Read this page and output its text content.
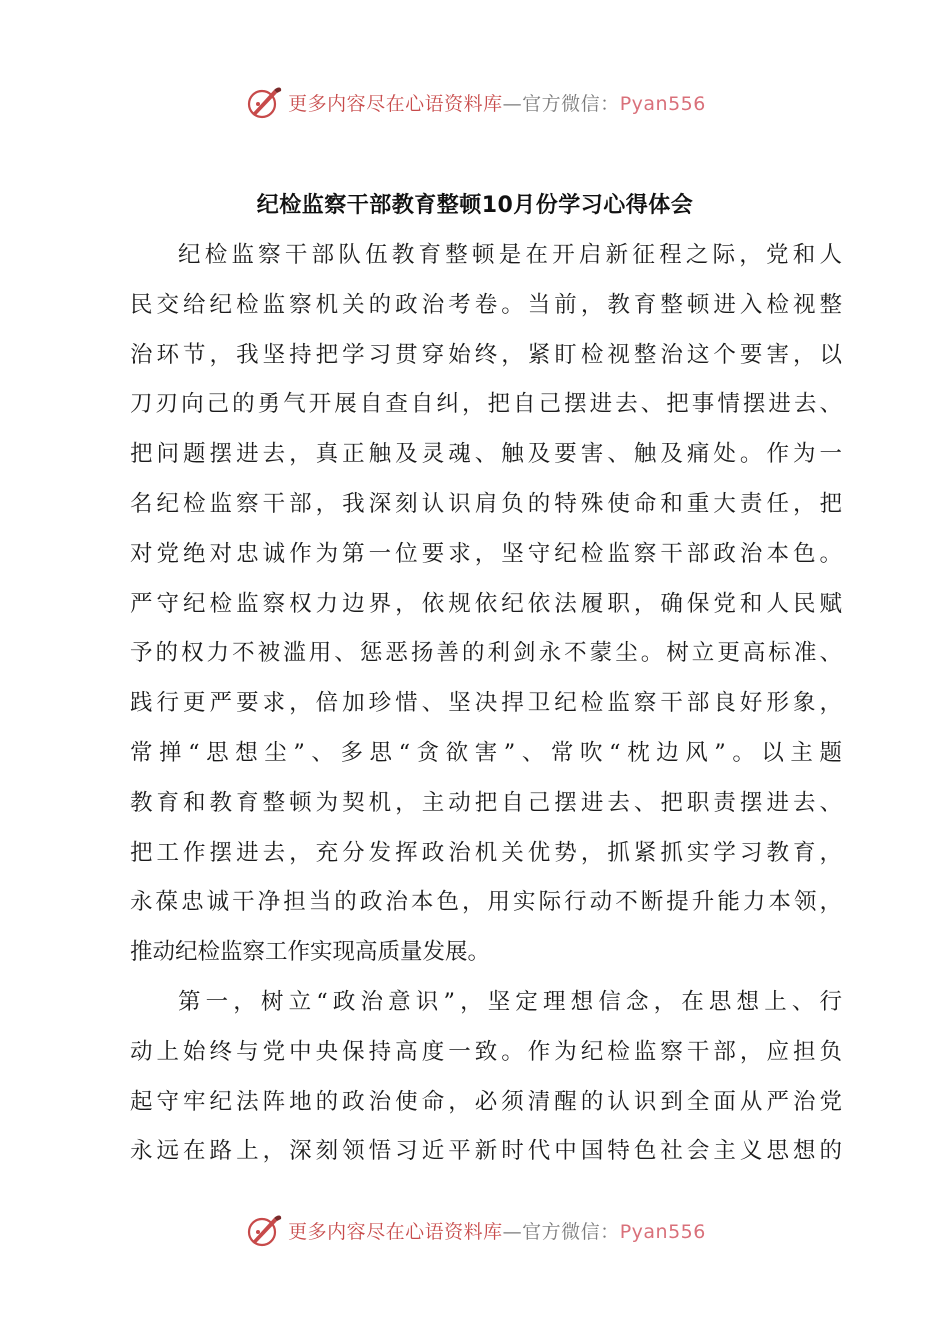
更多内容尽在心语资料库—官方微信：Pyan556
纪检监察干部教育整顿10月份学习心得体会
纪检监察干部队伍教育整顿是在开启新征程之际，党和人
民交给纪检监察机关的政治考卷。当前，教育整顿进入检视整
治环节，我坚持把学习贯穿始终，紧盯检视整治这个要害，以
刀刃向己的勇气开展自查自纠，把自己摆进去、把事情摆进去、
把问题摆进去，真正触及灵魂、触及要害、触及痛处。作为一
名纪检监察干部，我深刻认识肩负的特殊使命和重大责任，把
对党绝对忠诚作为第一位要求，坚守纪检监察干部政治本色。
严守纪检监察权力边界，依规依纪依法履职，确保党和人民赋
予的权力不被滥用、惩恶扬善的利剑永不蒙尘。树立更高标准、
践行更严要求，倍加珍惜、坚决捍卫纪检监察干部良好形象，
常掸“思想尘”、多思“贪欲害”、常吹“枕边风”。以主题
教育和教育整顿为契机，主动把自己摆进去、把职责摆进去、
把工作摆进去，充分发挥政治机关优势，抓紧抓实学习教育，
永葆忠诚干净担当的政治本色，用实际行动不断提升能力本领，
推动纪检监察工作实现高质量发展。
第一，树立“政治意识”，坚定理想信念，在思想上、行
动上始终与党中央保持高度一致。作为纪检监察干部，应担负
起守牢纪法阵地的政治使命，必须清醒的认识到全面从严治党
永远在路上，深刻领悟习近平新时代中国特色社会主义思想的
更多内容尽在心语资料库—官方微信：Pyan556
